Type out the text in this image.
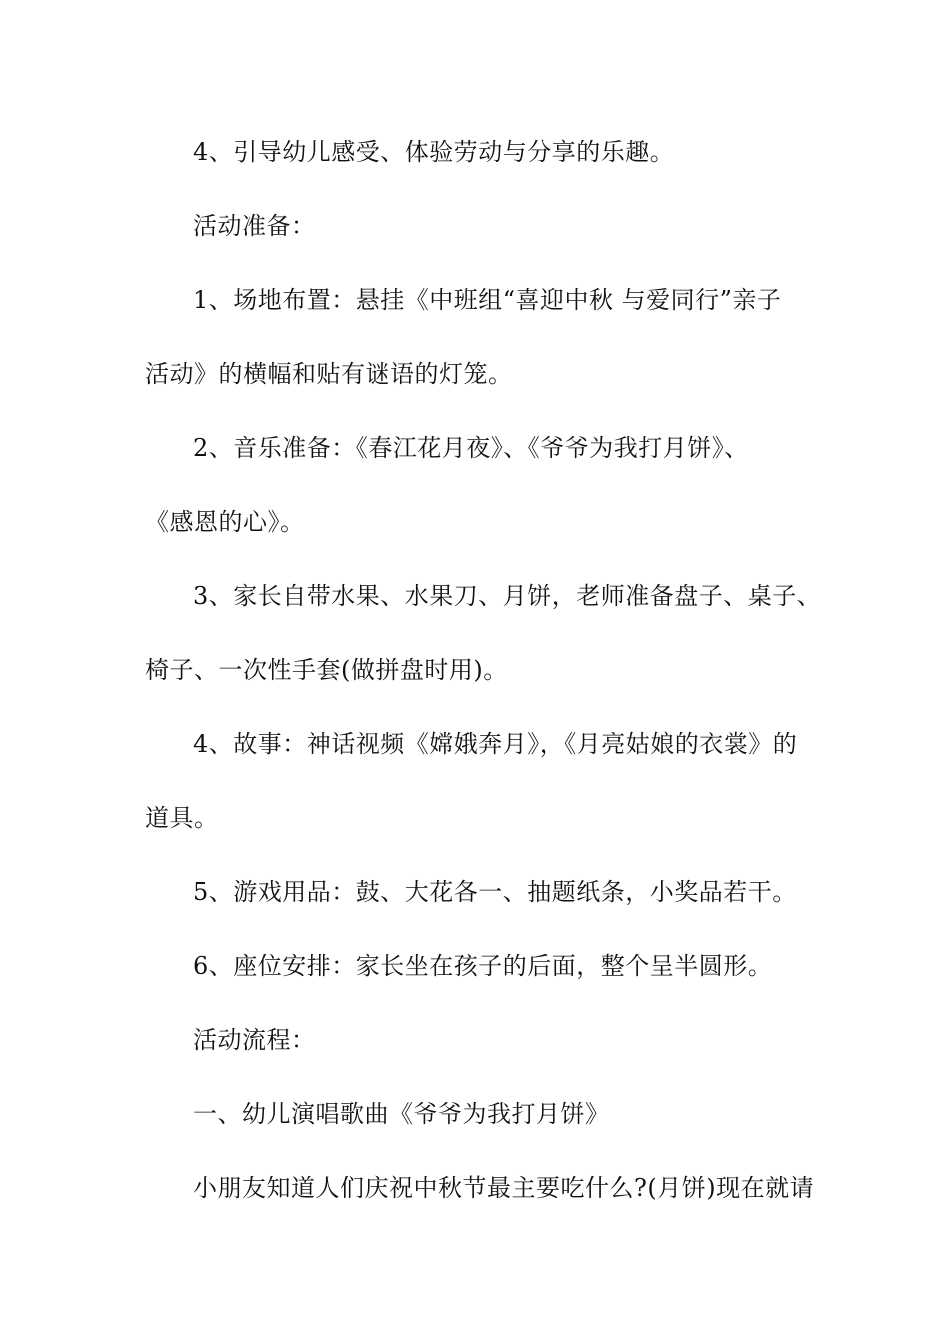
4、引导幼儿感受、体验劳动与分享的乐趣。
活动准备：
1、场地布置：悬挂《中班组“喜迎中秋 与爱同行”亲子
活动》的横幅和贴有谜语的灯笼。
2、音乐准备：《春江花月夜》、《爷爷为我打月饼》、
《感恩的心》。
3、家长自带水果、水果刀、月饼，老师准备盘子、桌子、
椅子、一次性手套(做拼盘时用)。
4、故事：神话视频《嫦娥奔月》，《月亮姑娘的衣裳》的
道具。
5、游戏用品：鼓、大花各一、抽题纸条，小奖品若干。
6、座位安排：家长坐在孩子的后面，整个呈半圆形。
活动流程：
一、幼儿演唱歌曲《爷爷为我打月饼》
小朋友知道人们庆祝中秋节最主要吃什么?(月饼)现在就请
